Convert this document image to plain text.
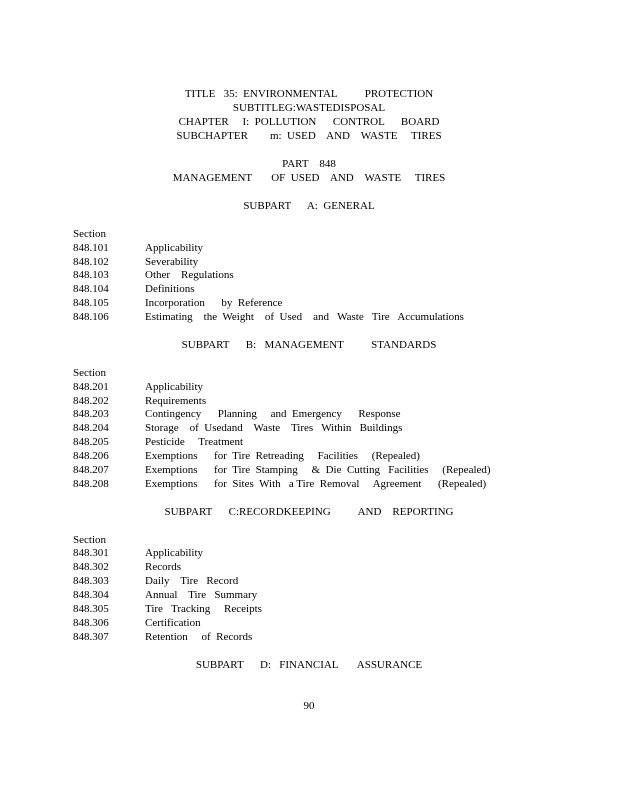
TITLE   35:  ENVIRONMENTAL          PROTECTION
SUBTITLEG:WASTEDISPOSAL
CHAPTER     I:  POLLUTION      CONTROL      BOARD
SUBCHAPTER        m:  USED    AND    WASTE     TIRES
PART    848
MANAGEMENT       OF  USED    AND    WASTE     TIRES
SUBPART      A:  GENERAL
Section
848.101	Applicability
848.102	Severability
848.103	Other    Regulations
848.104	Definitions
848.105	Incorporation      by  Reference
848.106	Estimating    the  Weight    of  Used    and   Waste   Tire   Accumulations
SUBPART      B:   MANAGEMENT          STANDARDS
Section
848.201	Applicability
848.202	Requirements
848.203	Contingency      Planning     and  Emergency      Response
848.204	Storage    of  Usedand    Waste    Tires   Within   Buildings
848.205	Pesticide     Treatment
848.206	Exemptions      for  Tire  Retreading     Facilities     (Repealed)
848.207	Exemptions      for  Tire  Stamping     &  Die  Cutting   Facilities     (Repealed)
848.208	Exemptions      for  Sites  With   a Tire  Removal     Agreement      (Repealed)
SUBPART      C:RECORDKEEPING          AND    REPORTING
Section
848.301	Applicability
848.302	Records
848.303	Daily    Tire   Record
848.304	Annual    Tire   Summary
848.305	Tire   Tracking     Receipts
848.306	Certification
848.307	Retention     of  Records
SUBPART      D:   FINANCIAL       ASSURANCE
90
